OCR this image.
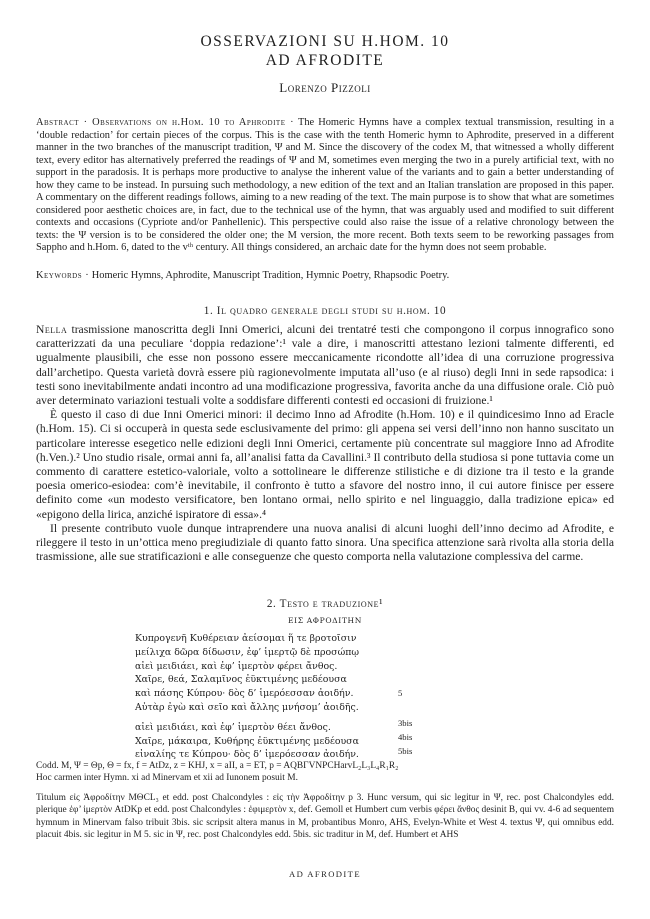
OSSERVAZIONI SU H.HOM. 10
AD AFRODITE
Lorenzo Pizzoli
Abstract · Observations on h.Hom. 10 to Aphrodite · The Homeric Hymns have a complex textual transmission, resulting in a ‘double redaction’ for certain pieces of the corpus. This is the case with the tenth Homeric hymn to Aphrodite, preserved in a different manner in the two branches of the manuscript tradition, Ψ and M. Since the discovery of the codex M, that witnessed a wholly different text, every editor has alternatively preferred the readings of Ψ and M, sometimes even merging the two in a purely artificial text, with no support in the paradosis. It is perhaps more productive to analyse the inherent value of the variants and to gain a better understanding of how they came to be instead. In pursuing such methodology, a new edition of the text and an Italian translation are proposed in this paper. A commentary on the different readings follows, aiming to a new reading of the text. The main purpose is to show that what are sometimes considered poor aesthetic choices are, in fact, due to the technical use of the hymn, that was arguably used and modified to suit different contexts and occasions (Cypriote and/or Panhellenic). This perspective could also raise the issue of a relative chronology between the texts: the Ψ version is to be considered the older one; the M version, the more recent. Both texts seem to be reworking passages from Sappho and h.Hom. 6, dated to the vᵗʰ century. All things considered, an archaic date for the hymn does not seem probable.
Keywords · Homeric Hymns, Aphrodite, Manuscript Tradition, Hymnic Poetry, Rhapsodic Poetry.
1. Il quadro generale degli studi su h.hom. 10

Nella trasmissione manoscritta degli Inni Omerici, alcuni dei trentatré testi che compongono il corpus innografico sono caratterizzati da una peculiare ‘doppia redazione’:¹ vale a dire, i manoscritti attestano lezioni talmente differenti, ed ugualmente plausibili, che esse non possono essere meccanicamente ricondotte all’idea di una corruzione progressiva dall’archetipo. Questa varietà dovrà essere più ragionevolmente imputata all’uso (e al riuso) degli Inni in sede rapsodica: i testi sono inevitabilmente andati incontro ad una modificazione progressiva, favorita anche da una diffusione orale. Ciò può aver determinato variazioni testuali volte a soddisfare differenti contesti ed occasioni di fruizione.¹

È questo il caso di due Inni Omerici minori: il decimo Inno ad Afrodite (h.Hom. 10) e il quindicesimo Inno ad Eracle (h.Hom. 15). Ci si occuperà in questa sede esclusivamente del primo: gli appena sei versi dell’inno non hanno suscitato un particolare interesse esegetico nelle edizioni degli Inni Omerici, certamente più concentrate sul maggiore Inno ad Afrodite (h.Ven.).² Uno studio risale, ormai anni fa, all’analisi fatta da Cavallini.³ Il contributo della studiosa si pone tuttavia come un commento di carattere estetico-valoriale, volto a sottolineare le differenze stilistiche e di dizione tra il testo e la grande poesia omerico-esiodea: com’è inevitabile, il confronto è tutto a sfavore del nostro inno, il cui autore finisce per essere definito come «un modesto versificatore, ben lontano ormai, nello spirito e nel linguaggio, dalla tradizione epica» ed «epigono della lirica, anziché ispiratore di essa».⁴

Il presente contributo vuole dunque intraprendere una nuova analisi di alcuni luoghi dell’inno decimo ad Afrodite, e rileggere il testo in un’ottica meno pregiudiziale di quanto fatto sinora. Una specifica attenzione sarà rivolta alla storia della trasmissione, alle sue stratificazioni e alle conseguenze che questo comporta nella valutazione complessiva del carme.

2. Testo e traduzione¹
ΕΙΣ ΑΦΡΟΔΙΤΗΝ
Κυπρογενῆ Κυθέρειαν ἀείσομαι ἥ τε βροτοῖσιν
μείλιχα δῶρα δίδωσιν, ἐφ’ ἱμερτῷ δὲ προσώπῳ
αἰεὶ μειδιάει, καὶ ἐφ’ ἱμερτὸν φέρει ἄνθος.
Χαῖρε, θεά, Σαλαμῖνος ἐϋκτιμένης μεδέουσα
καὶ πάσης Κύπρου· δὸς δ’ ἱμερόεσσαν ἀοιδήν.
Αὐτὰρ ἐγὼ καὶ σεῖο καὶ ἄλλης μνήσομ’ ἀοιδῆς.
αἰεὶ μειδιάει, καὶ ἐφ’ ἱμερτὸν θέει ἄνθος.
Χαῖρε, μάκαιρα, Κυθήρης ἐϋκτιμένης μεδέουσα
εἰναλίης τε Κύπρου· δὸς δ’ ἱμερόεσσαν ἀοιδήν.
5
3bis
4bis
5bis
Codd. M, Ψ = Θp, Θ = fx, f = AtDz, z = KHJ, x = aII, a = ET, p = AQBΓVNPCHarvL₂L₃L₄R₁R₂
Hoc carmen inter Hymn. xi ad Minervam et xii ad Iunonem posuit M.
Titulum εἰς Ἀφροδίτην MΘCL₃ et edd. post Chalcondyles : εἰς τὴν Ἀφροδίτην p 3. Hunc versum, qui sic legitur in Ψ, rec. post Chalcondyles edd. plerique ἐφ’ ἱμερτὸν AtDKp et edd. post Chalcondyles : ἐφιμερτὸν x, def. Gemoll et Humbert cum verbis φέρει ἄνθος desinit B, qui vv. 4-6 ad sequentem hymnum in Minervam falso tribuit 3bis. sic scripsit altera manus in M, probantibus Monro, AHS, Evelyn-White et West 4. textus Ψ, qui omnibus edd. placuit 4bis. sic legitur in M 5. sic in Ψ, rec. post Chalcondyles edd. 5bis. sic traditur in M, def. Humbert et AHS
AD AFRODITE
